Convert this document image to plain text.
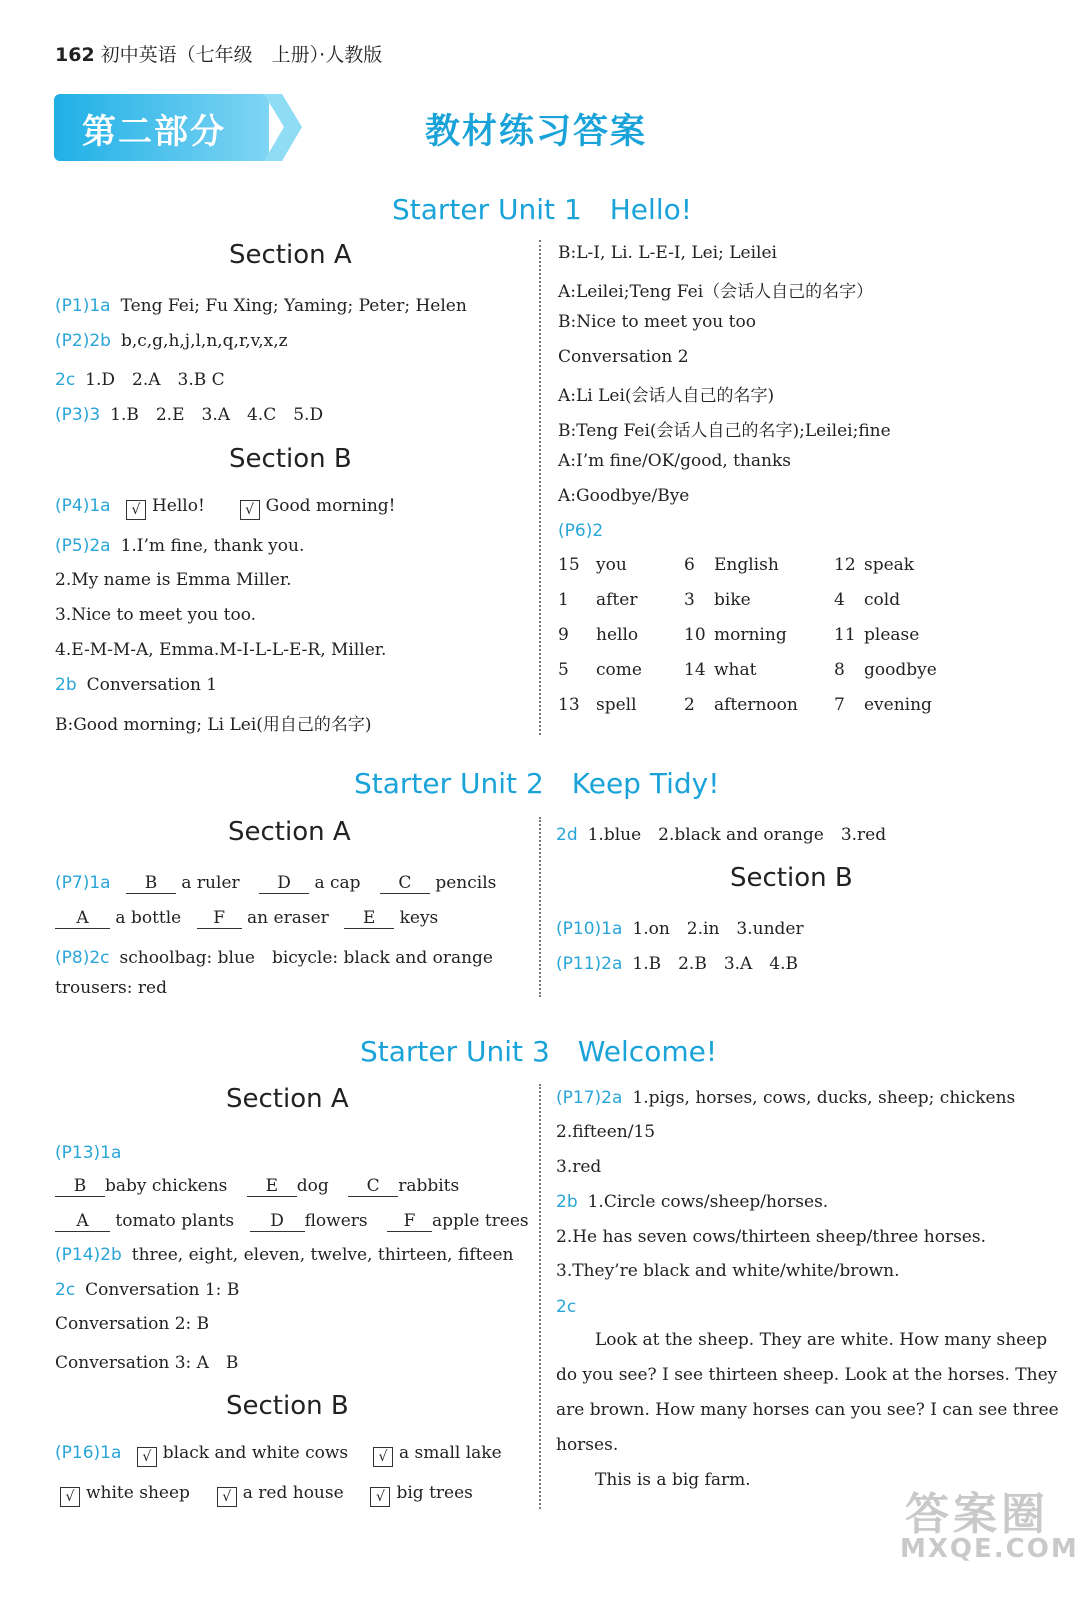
162 初中英语（七年级　上册）·人教版
第二部分	教材练习答案
Starter Unit 1　Hello!
Section A
(P1)1a Teng Fei; Fu Xing; Yaming; Peter; Helen
(P2)2b b,c,g,h,j,l,n,q,r,v,x,z
2c 1.D　2.A　3.B C
(P3)3 1.B　2.E　3.A　4.C　5.D
Section B
(P4)1a √ Hello!	√ Good morning!
(P5)2a 1.I’m fine, thank you.
2.My name is Emma Miller.
3.Nice to meet you too.
4.E-M-M-A, Emma.M-I-L-L-E-R, Miller.
2b Conversation 1
B:Good morning; Li Lei(用自己的名字)
B:L-I, Li. L-E-I, Lei; Leilei
A:Leilei;Teng Fei（会话人自己的名字）
B:Nice to meet you too
Conversation 2
A:Li Lei(会话人自己的名字)
B:Teng Fei(会话人自己的名字);Leilei;fine
A:I’m fine/OK/good, thanks
A:Goodbye/Bye
(P6)2
15 you	6 English	12 speak
1 after	3 bike	4 cold
9 hello	10 morning	11 please
5 come 14 what	8 goodbye
13 spell	2 afternoon 7 evening
Starter Unit 2　Keep Tidy!
Section A
(P7)1a B a ruler D a cap C pencils
A a bottle F an eraser E keys
(P8)2c schoolbag: blue　bicycle: black and orange
trousers: red
2d 1.blue　2.black and orange　3.red
Section B
(P10)1a 1.on　2.in　3.under
(P11)2a 1.B　2.B　3.A　4.B
Starter Unit 3　Welcome!
Section A
(P13)1a
B baby chickens E dog C rabbits
A tomato plants D flowers F apple trees
(P14)2b three, eight, eleven, twelve, thirteen, fifteen
2c Conversation 1: B
Conversation 2: B
Conversation 3: A　B
Section B
(P16)1a √ black and white cows √ a small lake
√ white sheep √ a red house √ big trees
(P17)2a 1.pigs, horses, cows, ducks, sheep; chickens
2.fifteen/15
3.red
2b 1.Circle cows/sheep/horses.
2.He has seven cows/thirteen sheep/three horses.
3.They’re black and white/white/brown.
2c
Look at the sheep. They are white. How many sheep
do you see? I see thirteen sheep. Look at the horses. They
are brown. How many horses can you see? I can see three
horses.
This is a big farm.
答案圈
MXQE.COM
